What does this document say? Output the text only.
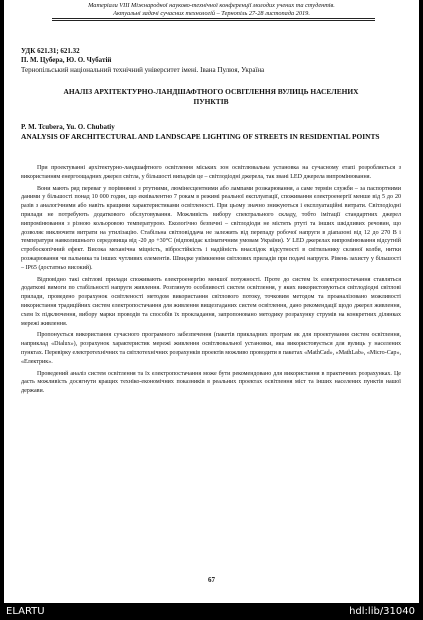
Матеріали VIII Міжнародної науково-технічної конференції молодих учених та студентів.
Актуальні задачі сучасних технологій – Тернопіль 27-28 листопада 2019.
УДК 621.31; 621.32
П. М. Цубера, Ю. О. Чубатій
Тернопільський національний технічний університет імені. Івана Пулюя, Україна
АНАЛІЗ АРХІТЕКТУРНО-ЛАНДШАФТНОГО ОСВІТЛЕННЯ ВУЛИЦЬ НАСЕЛЕНИХ ПУНКТІВ
P. M. Tcubera, Yu. O. Chubatiy
ANALYSIS OF ARCHITECTURAL AND LANDSCAPE LIGHTING OF STREETS IN RESIDENTIAL POINTS

При проектуванні архітектурно-ландшафтного освітлення міських зон освітлювальна установка на сучасному етапі розробляється з використанням енергоощадних джерел світла, у більшості випадків це – світлодіодні джерела, так звані LED джерела випромінювання.

Вони мають ряд переваг у порівнянні з ртутними, люмінесцентними або лампами розжарювання, а саме термін служби – за паспортними даними у більшості понад 10 000 годин, що еквівалентно 7 рокам в режимі реальної експлуатації, споживання електроенергії менше від 5 до 20 разів з аналогічними або навіть кращими характеристиками освітленості. При цьому значно знижуються і експлуатаційні витрати. Світлодіодні прилади не потребують додаткового обслуговування. Можливість вибору спектрального складу, тобто імітації стандартних джерел випромінювання з різною кольоровою температурою. Екологічно безпечні – світлодіоди не містять ртуті та інших шкідливих речовин, що дозволяє виключити витрати на утилізацію. Стабільна світловіддача не залежить від перепаду робочої напруги в діапазоні від 12 до 270 В і температури навколишнього середовища від -20 до +30°С (відповідає кліматичним умовам України). У LED джерелах випромінювання відсутній стробоскопічний ефект. Висока механічна міцність, вібростійкість і надійність внаслідок відсутності в світильнику скляної колби, нитки розжарювання чи пальника та інших чутливих елементів. Швидке увімкнення світлових приладів при подачі напруги. Рівень захисту у більшості – IP65 (достатньо високий).

Відповідно такі світлові прилади споживають електроенергію меншої потужності. Проте до систем їх електропостачання ставляться додаткові вимоги по стабільності напруги живлення. Розглянуто особливості систем освітлення, у яких використовуються світлодіодні світлові прилади, проведено розрахунок освітленості методом використання світлового потоку, точковим методом та проаналізовано можливості використання традиційних систем електропостачання для живлення вищезгаданих систем освітлення, дано рекомендації щодо джерел живлення, схем їх підключення, вибору марки проводів та способів їх прокладання, запропоновано методику розрахунку струмів на конкретних ділянках мережі живлення.

Пропонується використання сучасного програмного забезпечення (пакетів прикладних програм як для проектування систем освітлення, наприклад «Dialux»), розрахунок характеристик мережі живлення освітлювальної установки, яка використовується для вулиць у населених пунктах. Перевірку електротехнічних та світлотехнічних розрахунків проектів можливо проводити в пакетах «MathCad», «MathLab», «Micro-Cap», «Електрик».

Проведений аналіз систем освітлення та їх електропостачання може бути рекомендовано для використання в практичних розрахунках. Це дасть можливість досягнути кращих техніко-економічних показників в реальних проектах освітлення міст та інших населених пунктів нашої держави.

67
ELARTU	hdl:lib/31040
